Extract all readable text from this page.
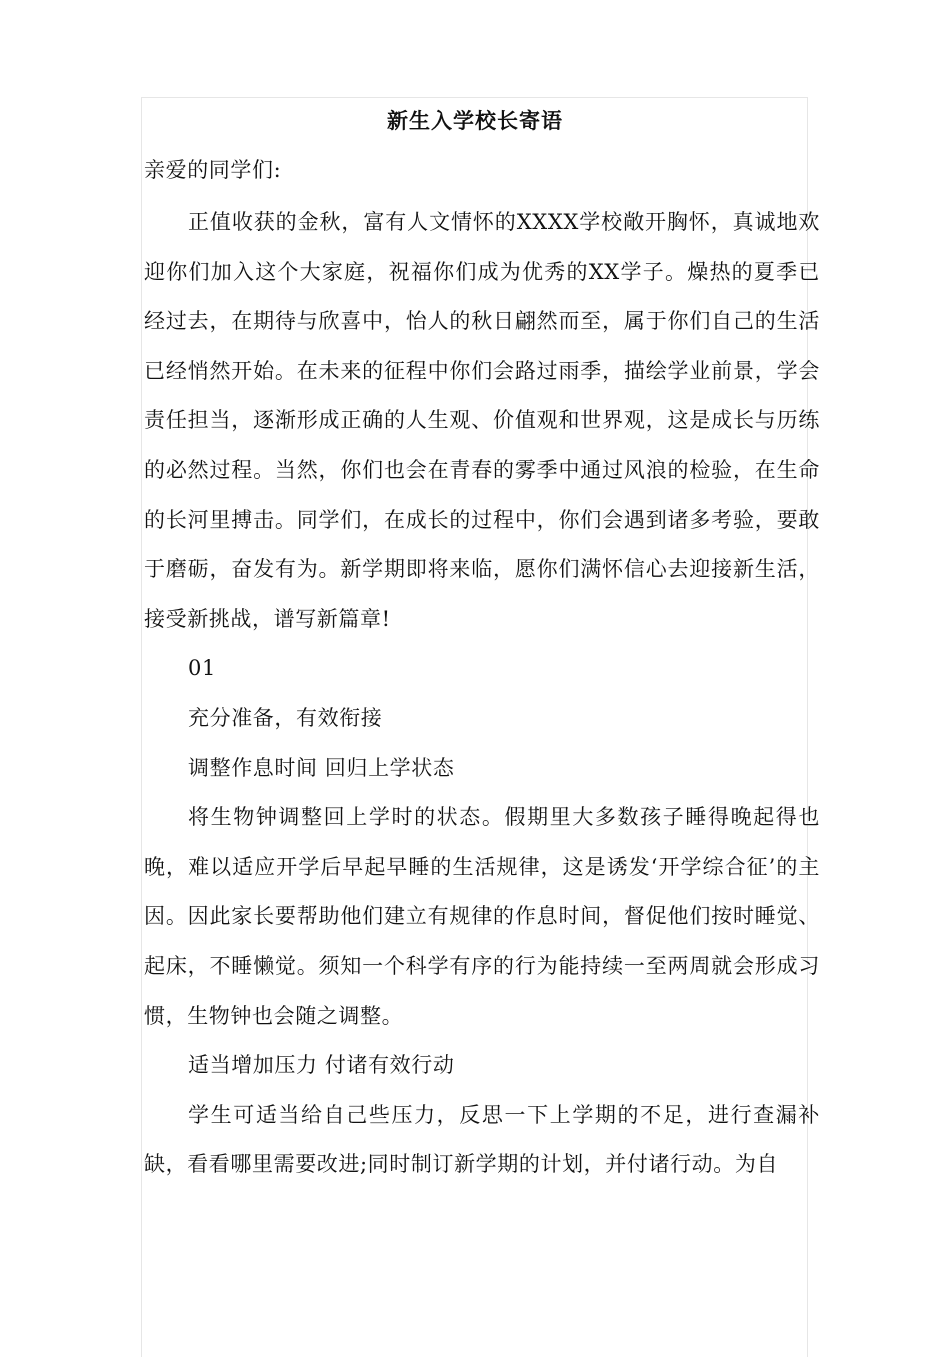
新生入学校长寄语

亲爱的同学们:

正值收获的金秋，富有人文情怀的XXXX学校敞开胸怀，真诚地欢迎你们加入这个大家庭，祝福你们成为优秀的XX学子。燥热的夏季已经过去，在期待与欣喜中，怡人的秋日翩然而至，属于你们自己的生活已经悄然开始。在未来的征程中你们会路过雨季，描绘学业前景，学会责任担当，逐渐形成正确的人生观、价值观和世界观，这是成长与历练的必然过程。当然，你们也会在青春的雾季中通过风浪的检验，在生命的长河里搏击。同学们，在成长的过程中，你们会遇到诸多考验，要敢于磨砺，奋发有为。新学期即将来临，愿你们满怀信心去迎接新生活，接受新挑战，谱写新篇章!

01

充分准备，有效衔接

调整作息时间 回归上学状态

将生物钟调整回上学时的状态。假期里大多数孩子睡得晚起得也晚，难以适应开学后早起早睡的生活规律，这是诱发‘开学综合征’的主因。因此家长要帮助他们建立有规律的作息时间，督促他们按时睡觉、起床，不睡懒觉。须知一个科学有序的行为能持续一至两周就会形成习惯，生物钟也会随之调整。

适当增加压力 付诸有效行动

学生可适当给自己些压力，反思一下上学期的不足，进行查漏补缺，看看哪里需要改进;同时制订新学期的计划，并付诸行动。为自
